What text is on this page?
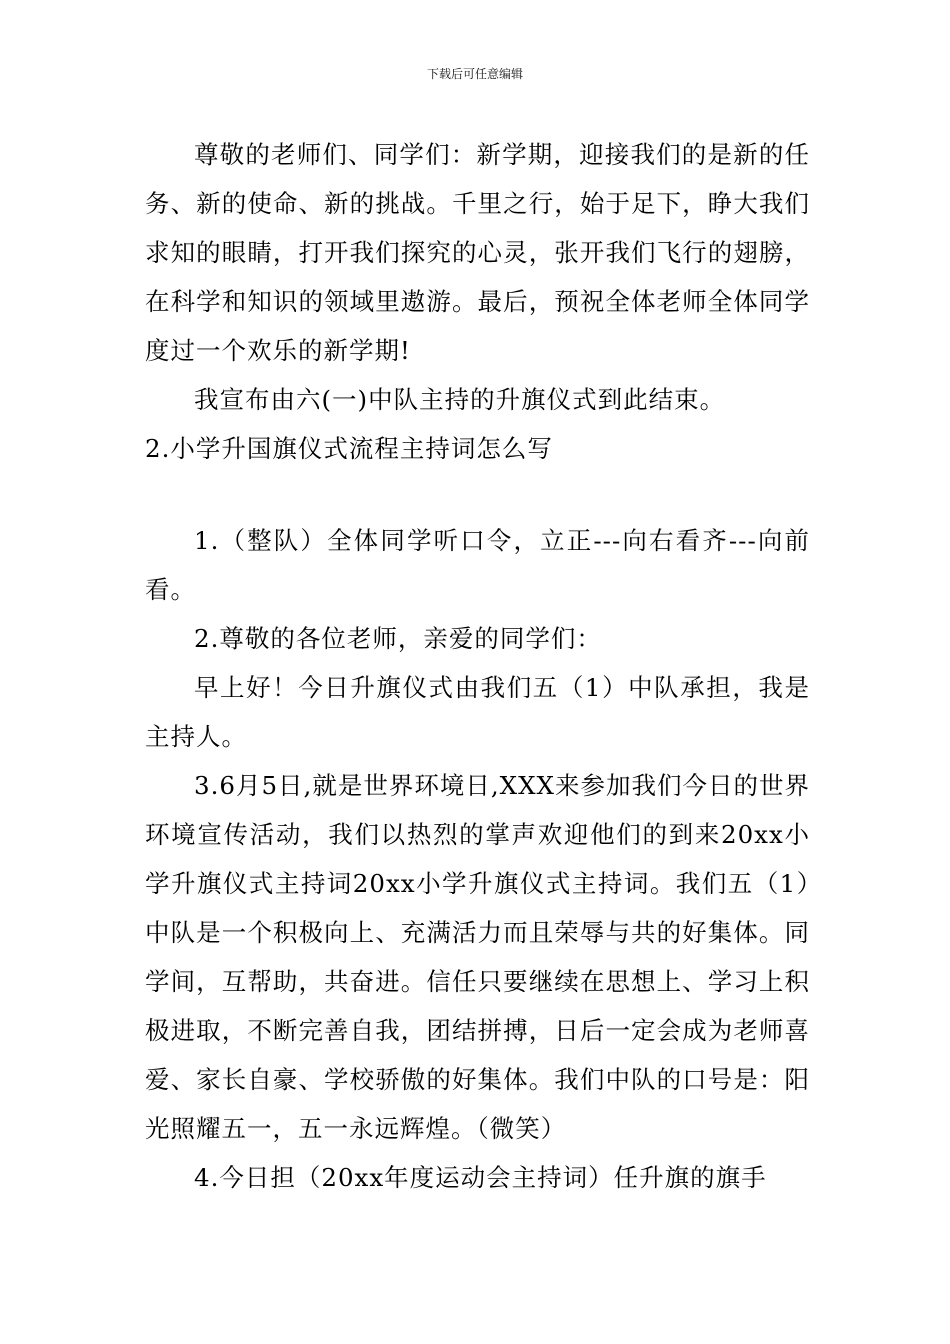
下载后可任意编辑

尊敬的老师们、同学们：新学期，迎接我们的是新的任务、新的使命、新的挑战。千里之行，始于足下，睁大我们求知的眼睛，打开我们探究的心灵，张开我们飞行的翅膀，在科学和知识的领域里遨游。最后，预祝全体老师全体同学度过一个欢乐的新学期!

我宣布由六(一)中队主持的升旗仪式到此结束。

2.小学升国旗仪式流程主持词怎么写

1.（整队）全体同学听口令，立正---向右看齐---向前看。

2.尊敬的各位老师，亲爱的同学们：

早上好！今日升旗仪式由我们五（1）中队承担，我是主持人。

3.6月5日,就是世界环境日,XXX来参加我们今日的世界环境宣传活动，我们以热烈的掌声欢迎他们的到来20xx小学升旗仪式主持词20xx小学升旗仪式主持词。我们五（1）中队是一个积极向上、充满活力而且荣辱与共的好集体。同学间，互帮助，共奋进。信任只要继续在思想上、学习上积极进取，不断完善自我，团结拼搏，日后一定会成为老师喜爱、家长自豪、学校骄傲的好集体。我们中队的口号是：阳光照耀五一，五一永远辉煌。（微笑）

4.今日担（20xx年度运动会主持词）任升旗的旗手
